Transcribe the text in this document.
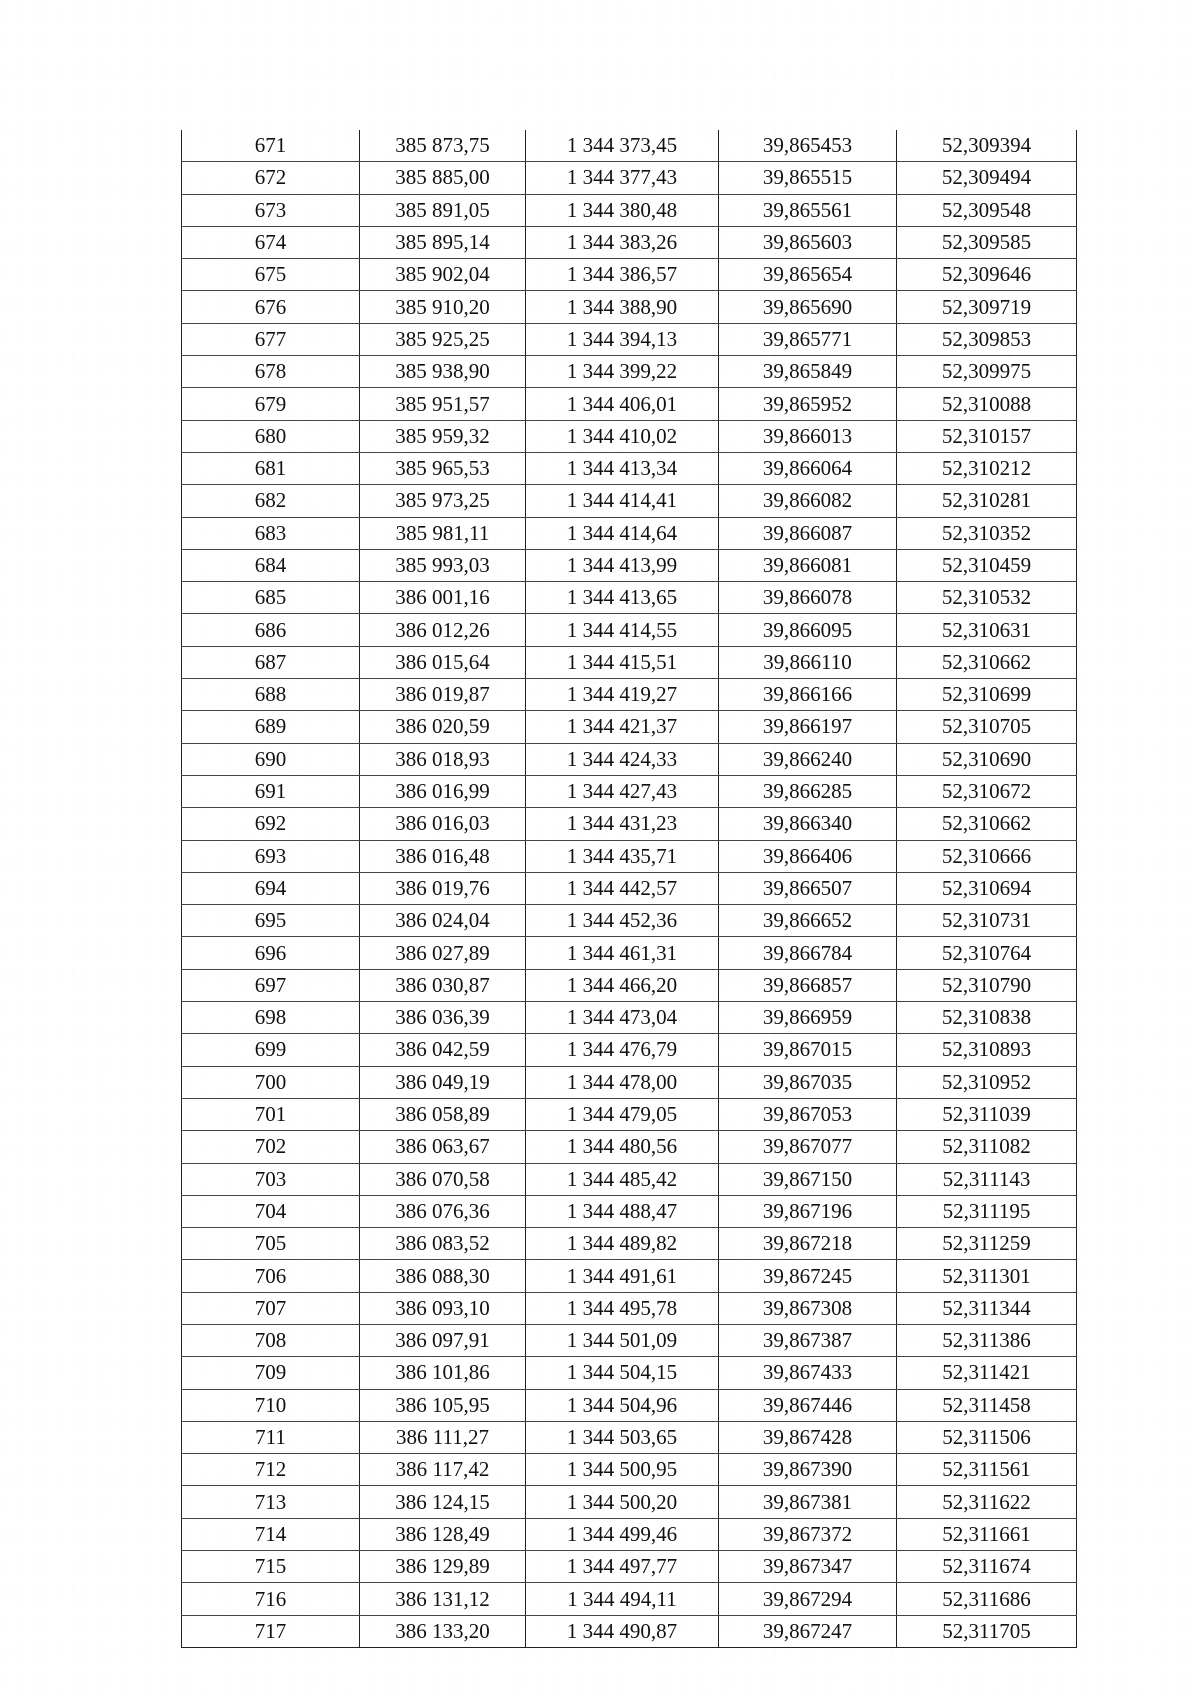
671	385 873,75	1 344 373,45	39,865453	52,309394
672	385 885,00	1 344 377,43	39,865515	52,309494
673	385 891,05	1 344 380,48	39,865561	52,309548
674	385 895,14	1 344 383,26	39,865603	52,309585
675	385 902,04	1 344 386,57	39,865654	52,309646
676	385 910,20	1 344 388,90	39,865690	52,309719
677	385 925,25	1 344 394,13	39,865771	52,309853
678	385 938,90	1 344 399,22	39,865849	52,309975
679	385 951,57	1 344 406,01	39,865952	52,310088
680	385 959,32	1 344 410,02	39,866013	52,310157
681	385 965,53	1 344 413,34	39,866064	52,310212
682	385 973,25	1 344 414,41	39,866082	52,310281
683	385 981,11	1 344 414,64	39,866087	52,310352
684	385 993,03	1 344 413,99	39,866081	52,310459
685	386 001,16	1 344 413,65	39,866078	52,310532
686	386 012,26	1 344 414,55	39,866095	52,310631
687	386 015,64	1 344 415,51	39,866110	52,310662
688	386 019,87	1 344 419,27	39,866166	52,310699
689	386 020,59	1 344 421,37	39,866197	52,310705
690	386 018,93	1 344 424,33	39,866240	52,310690
691	386 016,99	1 344 427,43	39,866285	52,310672
692	386 016,03	1 344 431,23	39,866340	52,310662
693	386 016,48	1 344 435,71	39,866406	52,310666
694	386 019,76	1 344 442,57	39,866507	52,310694
695	386 024,04	1 344 452,36	39,866652	52,310731
696	386 027,89	1 344 461,31	39,866784	52,310764
697	386 030,87	1 344 466,20	39,866857	52,310790
698	386 036,39	1 344 473,04	39,866959	52,310838
699	386 042,59	1 344 476,79	39,867015	52,310893
700	386 049,19	1 344 478,00	39,867035	52,310952
701	386 058,89	1 344 479,05	39,867053	52,311039
702	386 063,67	1 344 480,56	39,867077	52,311082
703	386 070,58	1 344 485,42	39,867150	52,311143
704	386 076,36	1 344 488,47	39,867196	52,311195
705	386 083,52	1 344 489,82	39,867218	52,311259
706	386 088,30	1 344 491,61	39,867245	52,311301
707	386 093,10	1 344 495,78	39,867308	52,311344
708	386 097,91	1 344 501,09	39,867387	52,311386
709	386 101,86	1 344 504,15	39,867433	52,311421
710	386 105,95	1 344 504,96	39,867446	52,311458
711	386 111,27	1 344 503,65	39,867428	52,311506
712	386 117,42	1 344 500,95	39,867390	52,311561
713	386 124,15	1 344 500,20	39,867381	52,311622
714	386 128,49	1 344 499,46	39,867372	52,311661
715	386 129,89	1 344 497,77	39,867347	52,311674
716	386 131,12	1 344 494,11	39,867294	52,311686
717	386 133,20	1 344 490,87	39,867247	52,311705
